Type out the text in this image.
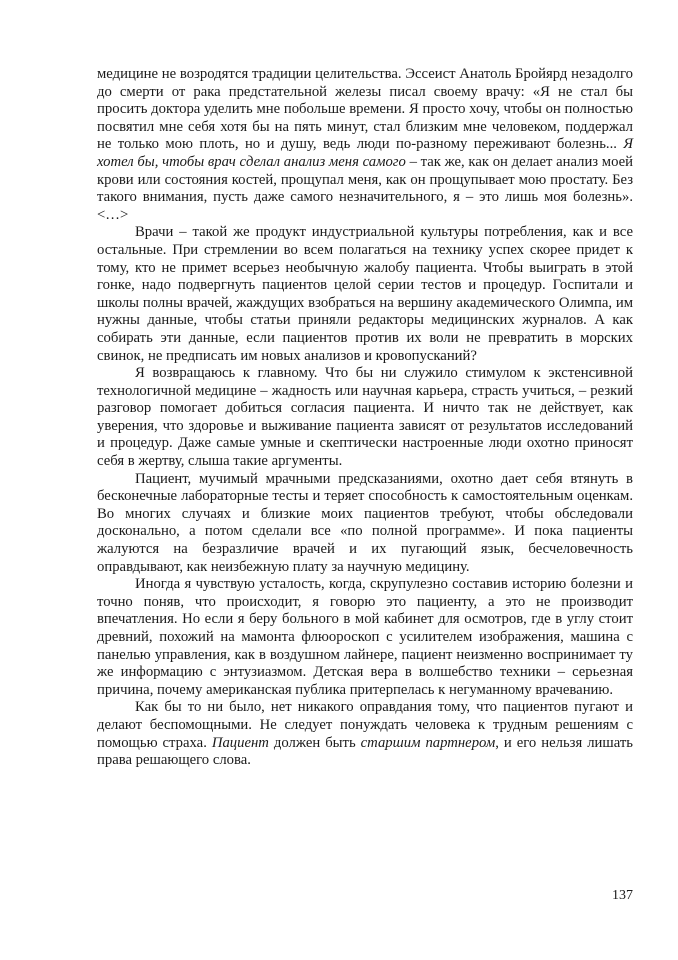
медицине не возродятся традиции целительства. Эссеист Анатоль Бройярд незадолго до смерти от рака предстательной железы писал своему врачу: «Я не стал бы просить доктора уделить мне побольше времени. Я просто хочу, чтобы он полностью посвятил мне себя хотя бы на пять минут, стал близким мне человеком, поддержал не только мою плоть, но и душу, ведь люди по-разному переживают болезнь... Я хотел бы, чтобы врач сделал анализ меня самого – так же, как он делает анализ моей крови или состояния костей, прощупал меня, как он прощупывает мою простату. Без такого внимания, пусть даже самого незначительного, я – это лишь моя болезнь». <…>

Врачи – такой же продукт индустриальной культуры потребления, как и все остальные. При стремлении во всем полагаться на технику успех скорее придет к тому, кто не примет всерьез необычную жалобу пациента. Чтобы выиграть в этой гонке, надо подвергнуть пациентов целой серии тестов и процедур. Госпитали и школы полны врачей, жаждущих взобраться на вершину академического Олимпа, им нужны данные, чтобы статьи приняли редакторы медицинских журналов. А как собирать эти данные, если пациентов против их воли не превратить в морских свинок, не предписать им новых анализов и кровопусканий?

Я возвращаюсь к главному. Что бы ни служило стимулом к экстенсивной технологичной медицине – жадность или научная карьера, страсть учиться, – резкий разговор помогает добиться согласия пациента. И ничто так не действует, как уверения, что здоровье и выживание пациента зависят от результатов исследований и процедур. Даже самые умные и скептически настроенные люди охотно приносят себя в жертву, слыша такие аргументы.

Пациент, мучимый мрачными предсказаниями, охотно дает себя втянуть в бесконечные лабораторные тесты и теряет способность к самостоятельным оценкам. Во многих случаях и близкие моих пациентов требуют, чтобы обследовали досконально, а потом сделали все «по полной программе». И пока пациенты жалуются на безразличие врачей и их пугающий язык, бесчеловечность оправдывают, как неизбежную плату за научную медицину.

Иногда я чувствую усталость, когда, скрупулезно составив историю болезни и точно поняв, что происходит, я говорю это пациенту, а это не производит впечатления. Но если я беру больного в мой кабинет для осмотров, где в углу стоит древний, похожий на мамонта флюороскоп с усилителем изображения, машина с панелью управления, как в воздушном лайнере, пациент неизменно воспринимает ту же информацию с энтузиазмом. Детская вера в волшебство техники – серьезная причина, почему американская публика притерпелась к негуманному врачеванию.

Как бы то ни было, нет никакого оправдания тому, что пациентов пугают и делают беспомощными. Не следует понуждать человека к трудным решениям с помощью страха. Пациент должен быть старшим партнером, и его нельзя лишать права решающего слова.

137
